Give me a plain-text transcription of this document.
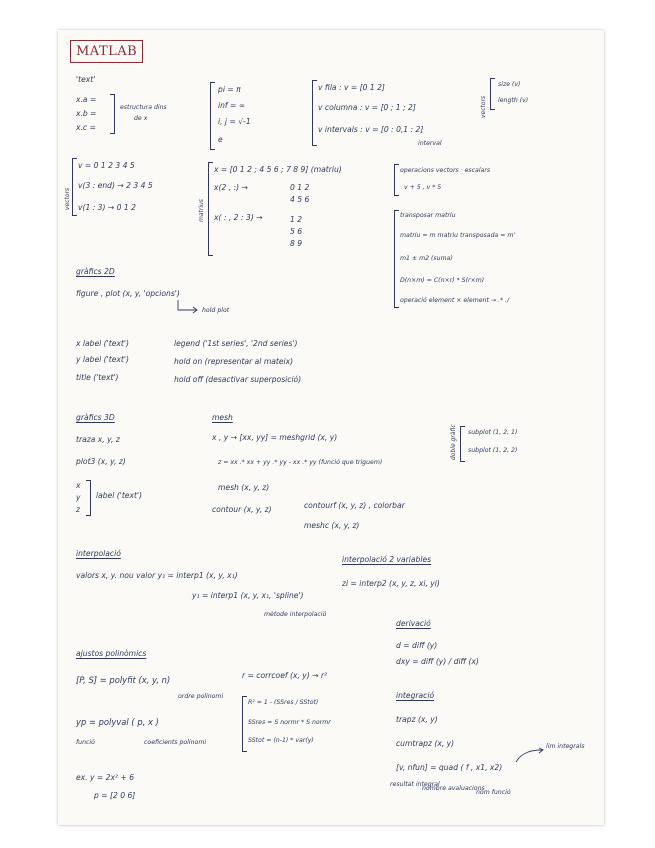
MATLAB
'text'
x.a =
x.b =
x.c =
estructura dins
de x
pi = π
inf = ∞
i, j = √-1
e
v fila : v = [0 1 2]
v columna : v = [0 ; 1 ; 2]
v intervals : v = [0 : 0,1 : 2]
interval
vectors
size (v)
length (v)
vectors
v = 0 1 2 3 4 5
v(3 : end) → 2 3 4 5
v(1 : 3) → 0 1 2	matrius
x = [0 1 2 ; 4 5 6 ; 7 8 9] (matriu)
x(2 , :) →	0 1 2
4 5 6
x( : , 2 : 3) →	1 2
5 6
8 9
operacions vectors · escalars
v + 5 , v * 5
transposar matriu
matriu = m matriu transposada = m'
m1 ± m2 (suma)
D(n×m) = C(n×r) * S(r×m)
operació element × element → .* ./
gràfics 2D
figure , plot (x, y, 'opcions')
hold plot
x label ('text')
y label ('text')
title ('text')
legend ('1st series', '2nd series')
hold on (representar al mateix)
hold off (desactivar superposició)
gràfics 3D
traza x, y, z
plot3 (x, y, z)
x
y
z
label ('text')
mesh
x , y → [xx, yy] = meshgrid (x, y)
z = xx .* xx + yy .* yy - xx .* yy (funció que triguem)
mesh (x, y, z)
contour (x, y, z)	contourf (x, y, z) , colorbar
meshc (x, y, z)
doble gràfic subplot (1, 2, 1)
subplot (1, 2, 2)
interpolació
valors x, y. nou valor y₁ = interp1 (x, y, x₁)
y₁ = interp1 (x, y, x₁, 'spline')
mètode interpolació
interpolació 2 variables
zi = interp2 (x, y, z, xi, yi)
derivació
d = diff (y)
dxy = diff (y) / diff (x)
ajustos polinòmics
[P, S] = polyfit (x, y, n)
ordre polinomi
yp = polyval ( p, x )
funció	coeficients polinomi
ex. y = 2x² + 6
p = [2 0 6]
r = corrcoef (x, y) → r²
R² = 1 - (SSres / SStot)
SSres = S normr * S normr
SStot = (n-1) * var(y)
integració
trapz (x, y)
cumtrapz (x, y)
[v, nfun] = quad ( f , x1, x2)
resultat integral
nombre avaluacions
nom funció
lim integrals
